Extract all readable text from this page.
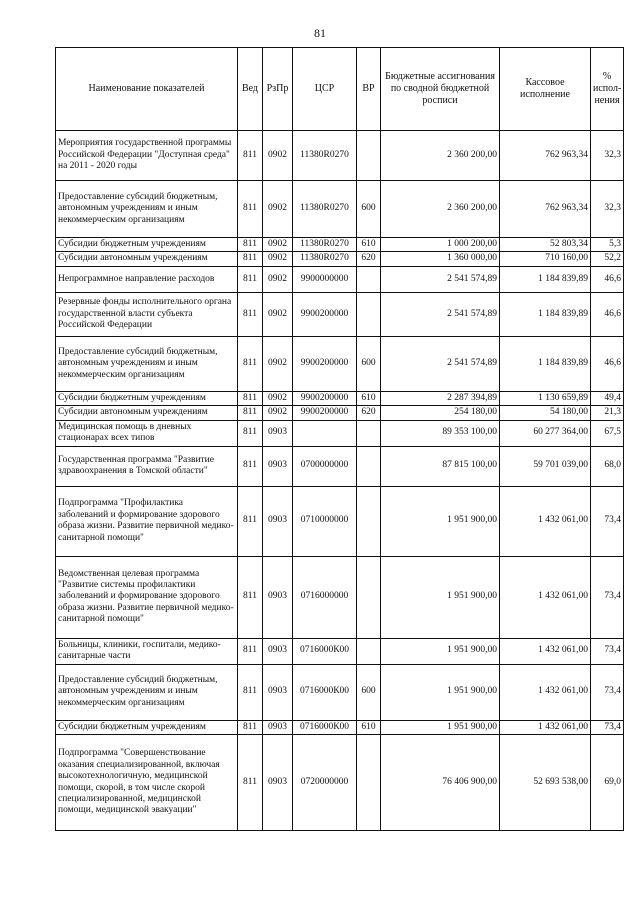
81
Наименование показателей	Вед	РзПр	ЦСР	ВР	Бюджетные ассигнования по сводной бюджетной росписи	Кассовое исполнение	% испол-нения
Мероприятия государственной программы Российской Федерации "Доступная среда" на 2011 - 2020 годы	811	0902	11380R0270		2 360 200,00	762 963,34	32,3
Предоставление субсидий бюджетным, автономным учреждениям и иным некоммерческим организациям	811	0902	11380R0270	600	2 360 200,00	762 963,34	32,3
Субсидии бюджетным учреждениям	811	0902	11380R0270	610	1 000 200,00	52 803,34	5,3
Субсидии автономным учреждениям	811	0902	11380R0270	620	1 360 000,00	710 160,00	52,2
Непрограммное направление расходов	811	0902	9900000000		2 541 574,89	1 184 839,89	46,6
Резервные фонды исполнительного органа государственной власти субъекта Российской Федерации	811	0902	9900200000		2 541 574,89	1 184 839,89	46,6
Предоставление субсидий бюджетным, автономным учреждениям и иным некоммерческим организациям	811	0902	9900200000	600	2 541 574,89	1 184 839,89	46,6
Субсидии бюджетным учреждениям	811	0902	9900200000	610	2 287 394,89	1 130 659,89	49,4
Субсидии автономным учреждениям	811	0902	9900200000	620	254 180,00	54 180,00	21,3
Медицинская помощь в дневных стационарах всех типов	811	0903			89 353 100,00	60 277 364,00	67,5
Государственная программа "Развитие здравоохранения в Томской области"	811	0903	0700000000		87 815 100,00	59 701 039,00	68,0
Подпрограмма "Профилактика заболеваний и формирование здорового образа жизни. Развитие первичной медико-санитарной помощи"	811	0903	0710000000		1 951 900,00	1 432 061,00	73,4
Ведомственная целевая программа "Развитие системы профилактики заболеваний и формирование здорового образа жизни. Развитие первичной медико-санитарной помощи"	811	0903	0716000000		1 951 900,00	1 432 061,00	73,4
Больницы, клиники, госпитали, медико-санитарные части	811	0903	0716000К00		1 951 900,00	1 432 061,00	73,4
Предоставление субсидий бюджетным, автономным учреждениям и иным некоммерческим организациям	811	0903	0716000К00	600	1 951 900,00	1 432 061,00	73,4
Субсидии бюджетным учреждениям	811	0903	0716000К00	610	1 951 900,00	1 432 061,00	73,4
Подпрограмма "Совершенствование оказания специализированной, включая высокотехнологичную, медицинской помощи, скорой, в том числе скорой специализированной, медицинской помощи, медицинской эвакуации"	811	0903	0720000000		76 406 900,00	52 693 538,00	69,0
